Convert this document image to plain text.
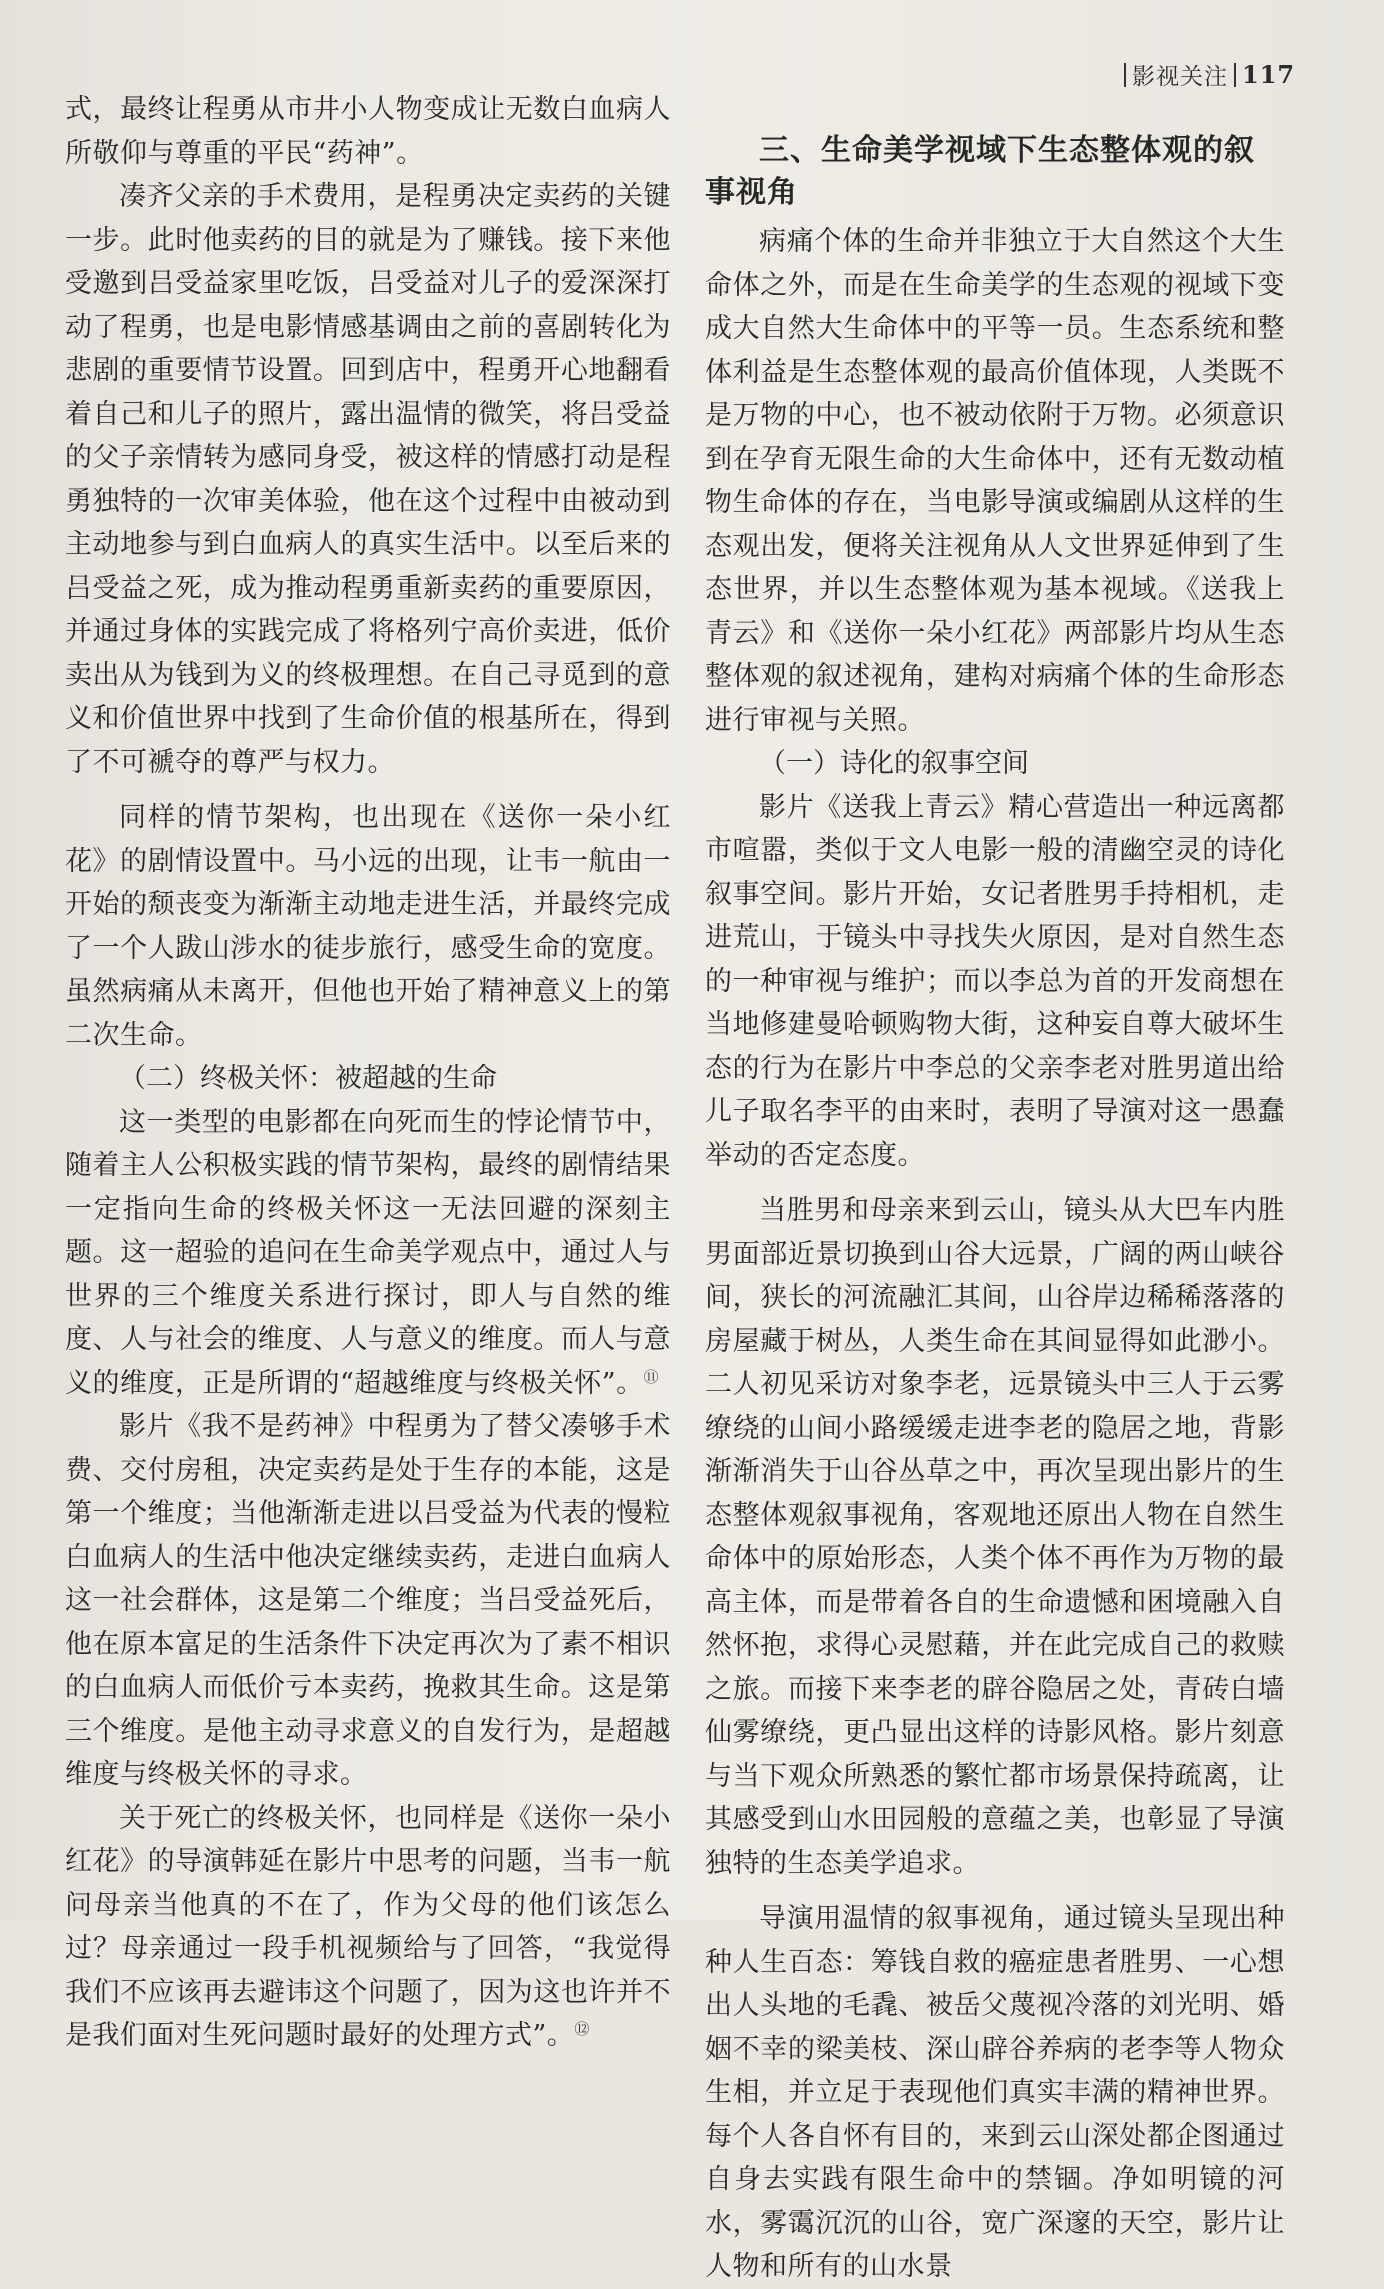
影视关注 117

式，最终让程勇从市井小人物变成让无数白血病人所敬仰与尊重的平民“药神”。

凑齐父亲的手术费用，是程勇决定卖药的关键一步。此时他卖药的目的就是为了赚钱。接下来他受邀到吕受益家里吃饭，吕受益对儿子的爱深深打动了程勇，也是电影情感基调由之前的喜剧转化为悲剧的重要情节设置。回到店中，程勇开心地翻看着自己和儿子的照片，露出温情的微笑，将吕受益的父子亲情转为感同身受，被这样的情感打动是程勇独特的一次审美体验，他在这个过程中由被动到主动地参与到白血病人的真实生活中。以至后来的吕受益之死，成为推动程勇重新卖药的重要原因，并通过身体的实践完成了将格列宁高价卖进，低价卖出从为钱到为义的终极理想。在自己寻觅到的意义和价值世界中找到了生命价值的根基所在，得到了不可褫夺的尊严与权力。

同样的情节架构，也出现在《送你一朵小红花》的剧情设置中。马小远的出现，让韦一航由一开始的颓丧变为渐渐主动地走进生活，并最终完成了一个人跋山涉水的徒步旅行，感受生命的宽度。虽然病痛从未离开，但他也开始了精神意义上的第二次生命。

（二）终极关怀：被超越的生命

这一类型的电影都在向死而生的悖论情节中，随着主人公积极实践的情节架构，最终的剧情结果一定指向生命的终极关怀这一无法回避的深刻主题。这一超验的追问在生命美学观点中，通过人与世界的三个维度关系进行探讨，即人与自然的维度、人与社会的维度、人与意义的维度。而人与意义的维度，正是所谓的“超越维度与终极关怀”。⑪

影片《我不是药神》中程勇为了替父凑够手术费、交付房租，决定卖药是处于生存的本能，这是第一个维度；当他渐渐走进以吕受益为代表的慢粒白血病人的生活中他决定继续卖药，走进白血病人这一社会群体，这是第二个维度；当吕受益死后，他在原本富足的生活条件下决定再次为了素不相识的白血病人而低价亏本卖药，挽救其生命。这是第三个维度。是他主动寻求意义的自发行为，是超越维度与终极关怀的寻求。

关于死亡的终极关怀，也同样是《送你一朵小红花》的导演韩延在影片中思考的问题，当韦一航问母亲当他真的不在了，作为父母的他们该怎么过？母亲通过一段手机视频给与了回答，“我觉得我们不应该再去避讳这个问题了，因为这也许并不是我们面对生死问题时最好的处理方式”。⑫

三、生命美学视域下生态整体观的叙事视角

病痛个体的生命并非独立于大自然这个大生命体之外，而是在生命美学的生态观的视域下变成大自然大生命体中的平等一员。生态系统和整体利益是生态整体观的最高价值体现，人类既不是万物的中心，也不被动依附于万物。必须意识到在孕育无限生命的大生命体中，还有无数动植物生命体的存在，当电影导演或编剧从这样的生态观出发，便将关注视角从人文世界延伸到了生态世界，并以生态整体观为基本视域。《送我上青云》和《送你一朵小红花》两部影片均从生态整体观的叙述视角，建构对病痛个体的生命形态进行审视与关照。

（一）诗化的叙事空间

影片《送我上青云》精心营造出一种远离都市喧嚣，类似于文人电影一般的清幽空灵的诗化叙事空间。影片开始，女记者胜男手持相机，走进荒山，于镜头中寻找失火原因，是对自然生态的一种审视与维护；而以李总为首的开发商想在当地修建曼哈顿购物大街，这种妄自尊大破坏生态的行为在影片中李总的父亲李老对胜男道出给儿子取名李平的由来时，表明了导演对这一愚蠢举动的否定态度。

当胜男和母亲来到云山，镜头从大巴车内胜男面部近景切换到山谷大远景，广阔的两山峡谷间，狭长的河流融汇其间，山谷岸边稀稀落落的房屋藏于树丛，人类生命在其间显得如此渺小。二人初见采访对象李老，远景镜头中三人于云雾缭绕的山间小路缓缓走进李老的隐居之地，背影渐渐消失于山谷丛草之中，再次呈现出影片的生态整体观叙事视角，客观地还原出人物在自然生命体中的原始形态，人类个体不再作为万物的最高主体，而是带着各自的生命遗憾和困境融入自然怀抱，求得心灵慰藉，并在此完成自己的救赎之旅。而接下来李老的辟谷隐居之处，青砖白墙仙雾缭绕，更凸显出这样的诗影风格。影片刻意与当下观众所熟悉的繁忙都市场景保持疏离，让其感受到山水田园般的意蕴之美，也彰显了导演独特的生态美学追求。

导演用温情的叙事视角，通过镜头呈现出种种人生百态：筹钱自救的癌症患者胜男、一心想出人头地的毛毳、被岳父蔑视冷落的刘光明、婚姻不幸的梁美枝、深山辟谷养病的老李等人物众生相，并立足于表现他们真实丰满的精神世界。每个人各自怀有目的，来到云山深处都企图通过自身去实践有限生命中的禁锢。净如明镜的河水，雾霭沉沉的山谷，宽广深邃的天空，影片让人物和所有的山水景
